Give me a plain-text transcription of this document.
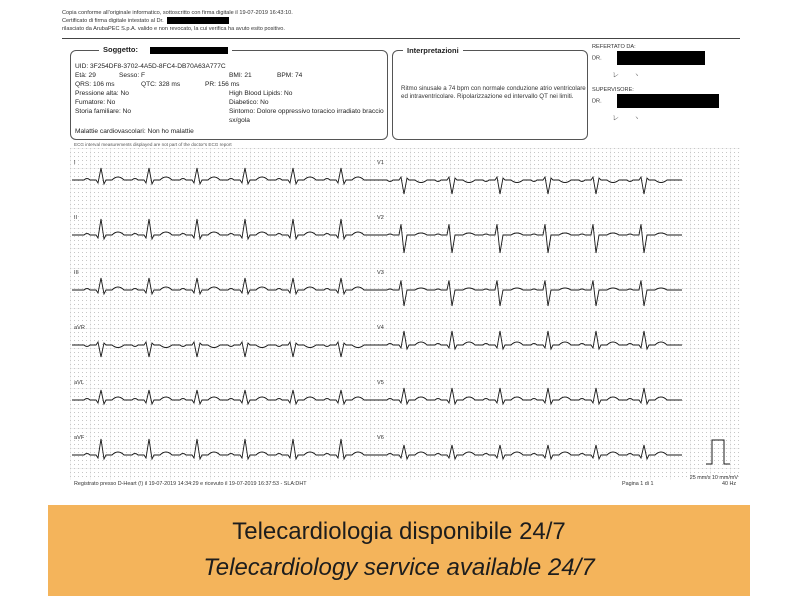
Copia conforme all'originale informatico, sottoscritto con firma digitale il 19-07-2019 16:43:10.
Certificato di firma digitale intestato al Dr.
rilasciato da ArubaPEC S.p.A. valido e non revocato, la cui verifica ha avuto esito positivo.
Soggetto:
UID: 3F254DF8-3702-4A5D-8FC4-DB70A63A777C
Età: 29	Sesso: F	BMI: 21	BPM: 74
QRS: 106 ms	QTC: 328 ms	PR: 156 ms
Pressione alta: No	High Blood Lipids: No
Fumatore: No	Diabetico: No
Storia familiare: No	Sintomo: Dolore oppressivo toracico irradiato braccio sx/gola
Malattie cardiovascolari: Non ho malattie
Interpretazioni
Ritmo sinusale a 74 bpm con normale conduzione atrio ventricolare ed intraventricolare. Ripolarizzazione ed intervallo QT nei limiti.
REFERTATO DA:
DR.
レ ヽ
SUPERVISORE:
DR.
レ ヽ
ECG interval measurements displayed are not part of the doctor's ECG report
I
II
III
aVR
aVL
aVF
V1
V2
V3
V4
V5
V6
25 mm/s 10 mm/mV
Registrato presso D-Heart (!) il 19-07-2019 14:34:29 e ricevuto il 19-07-2019 16:37:53 - SLA:DHT	Pagina 1 di 1	40 Hz
Telecardiologia disponibile 24/7
Telecardiology service available 24/7
